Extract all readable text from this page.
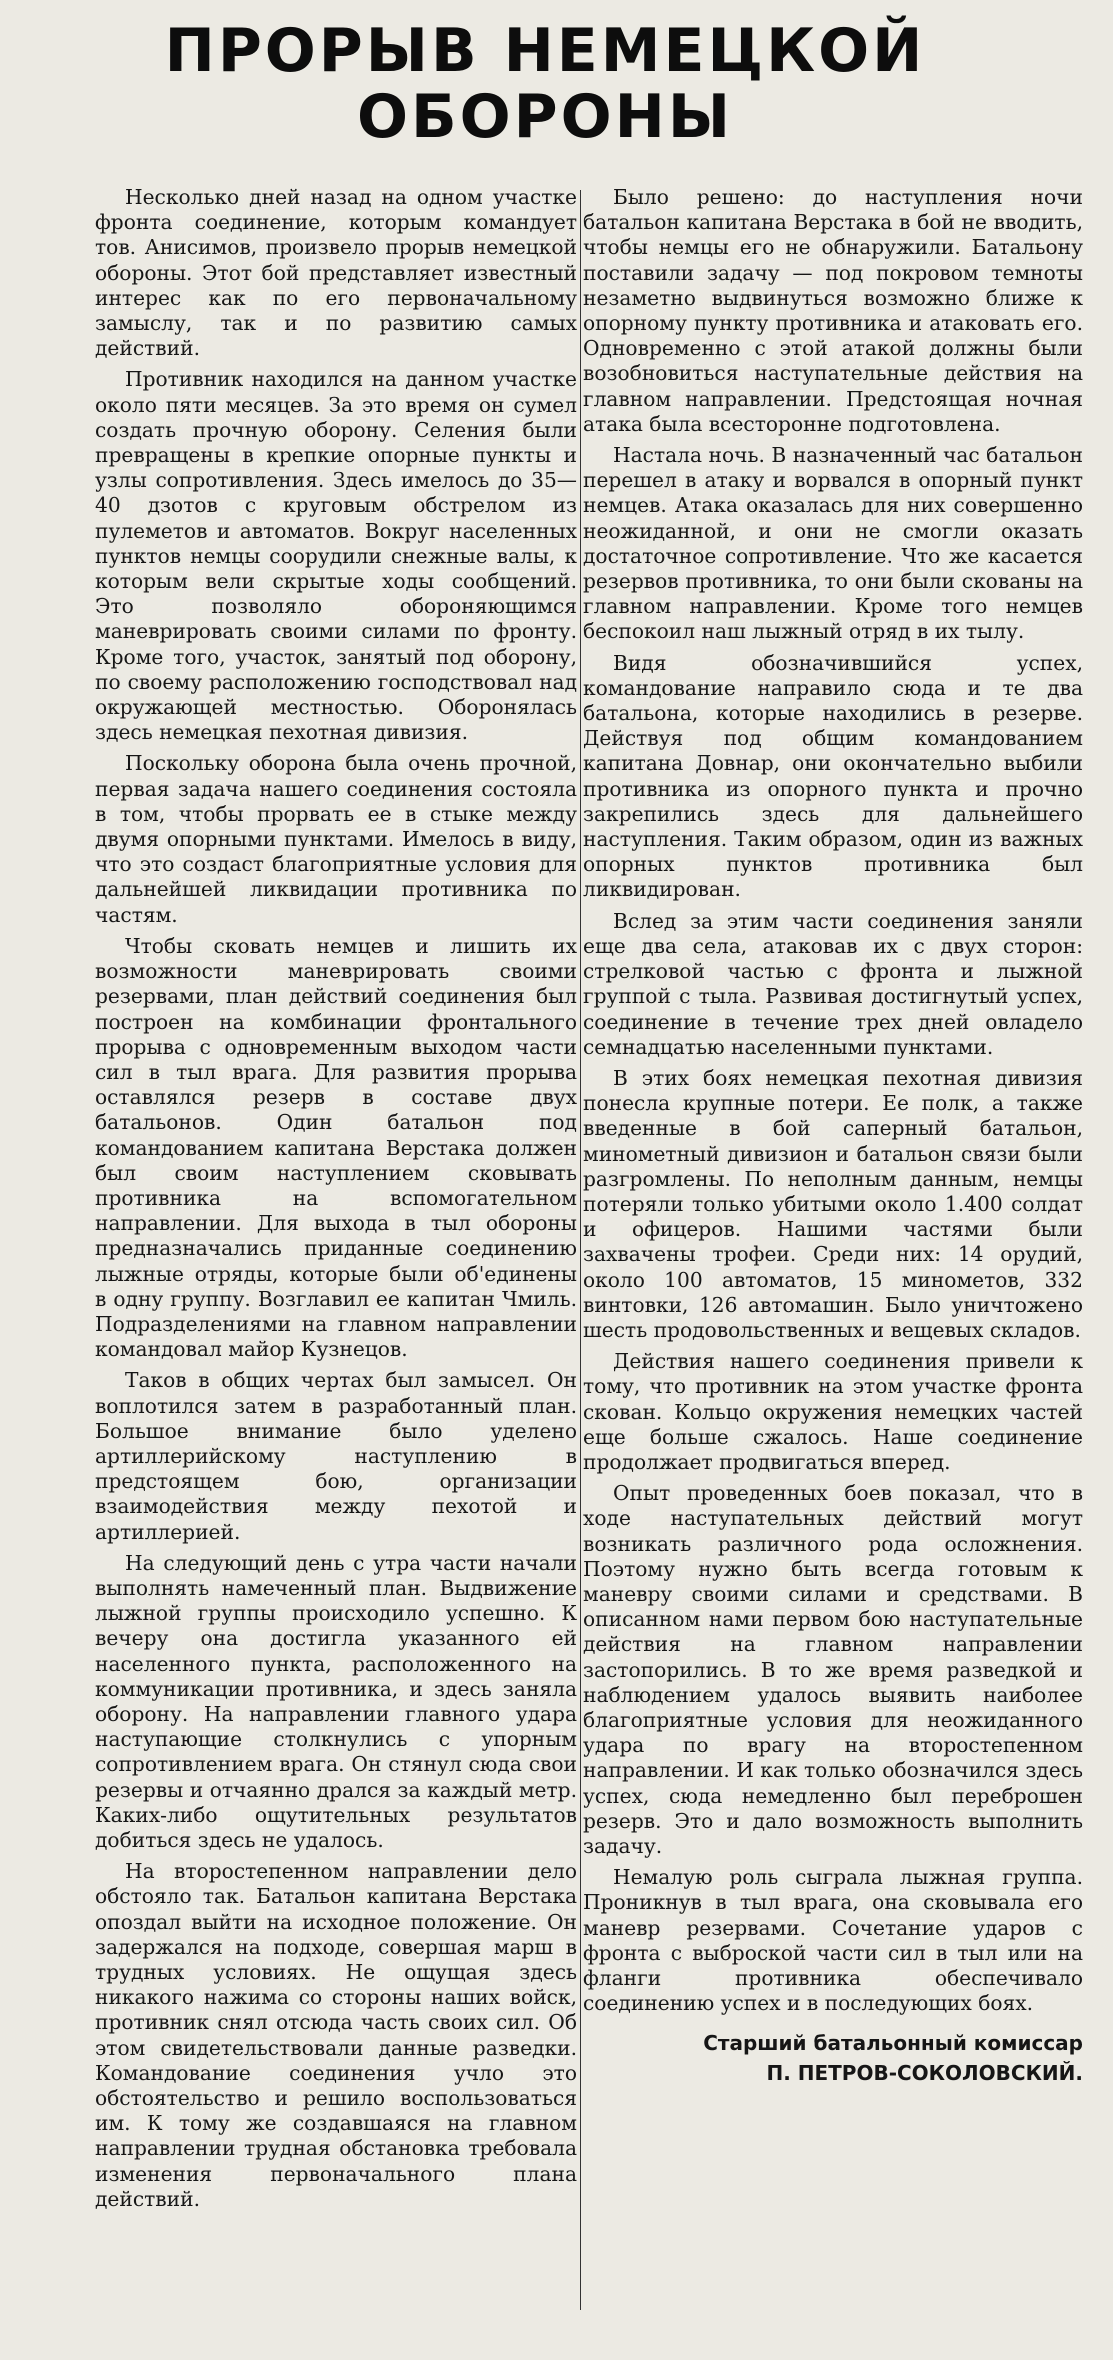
ПРОРЫВ НЕМЕЦКОЙ ОБОРОНЫ

Несколько дней назад на одном участке фронта соединение, которым командует тов. Анисимов, произвело прорыв немецкой обороны. Этот бой представляет известный интерес как по его первоначальному замыслу, так и по развитию самых действий.

Противник находился на данном участке около пяти месяцев. За это время он сумел создать прочную оборону. Селения были превращены в крепкие опорные пункты и узлы сопротивления. Здесь имелось до 35—40 дзотов с круговым обстрелом из пулеметов и автоматов. Вокруг населенных пунктов немцы соорудили снежные валы, к которым вели скрытые ходы сообщений. Это позволяло обороняющимся маневрировать своими силами по фронту. Кроме того, участок, занятый под оборону, по своему расположению господствовал над окружающей местностью. Оборонялась здесь немецкая пехотная дивизия.

Поскольку оборона была очень прочной, первая задача нашего соединения состояла в том, чтобы прорвать ее в стыке между двумя опорными пунктами. Имелось в виду, что это создаст благоприятные условия для дальнейшей ликвидации противника по частям.

Чтобы сковать немцев и лишить их возможности маневрировать своими резервами, план действий соединения был построен на комбинации фронтального прорыва с одновременным выходом части сил в тыл врага. Для развития прорыва оставлялся резерв в составе двух батальонов. Один батальон под командованием капитана Верстака должен был своим наступлением сковывать противника на вспомогательном направлении. Для выхода в тыл обороны предназначались приданные соединению лыжные отряды, которые были об'единены в одну группу. Возглавил ее капитан Чмиль. Подразделениями на главном направлении командовал майор Кузнецов.

Таков в общих чертах был замысел. Он воплотился затем в разработанный план. Большое внимание было уделено артиллерийскому наступлению в предстоящем бою, организации взаимодействия между пехотой и артиллерией.

На следующий день с утра части начали выполнять намеченный план. Выдвижение лыжной группы происходило успешно. К вечеру она достигла указанного ей населенного пункта, расположенного на коммуникации противника, и здесь заняла оборону. На направлении главного удара наступающие столкнулись с упорным сопротивлением врага. Он стянул сюда свои резервы и отчаянно дрался за каждый метр. Каких-либо ощутительных результатов добиться здесь не удалось.

На второстепенном направлении дело обстояло так. Батальон капитана Верстака опоздал выйти на исходное положение. Он задержался на подходе, совершая марш в трудных условиях. Не ощущая здесь никакого нажима со стороны наших войск, противник снял отсюда часть своих сил. Об этом свидетельствовали данные разведки. Командование соединения учло это обстоятельство и решило воспользоваться им. К тому же создавшаяся на главном направлении трудная обстановка требовала изменения первоначального плана действий.

Было решено: до наступления ночи батальон капитана Верстака в бой не вводить, чтобы немцы его не обнаружили. Батальону поставили задачу — под покровом темноты незаметно выдвинуться возможно ближе к опорному пункту противника и атаковать его. Одновременно с этой атакой должны были возобновиться наступательные действия на главном направлении. Предстоящая ночная атака была всесторонне подготовлена.

Настала ночь. В назначенный час батальон перешел в атаку и ворвался в опорный пункт немцев. Атака оказалась для них совершенно неожиданной, и они не смогли оказать достаточное сопротивление. Что же касается резервов противника, то они были скованы на главном направлении. Кроме того немцев беспокоил наш лыжный отряд в их тылу.

Видя обозначившийся успех, командование направило сюда и те два батальона, которые находились в резерве. Действуя под общим командованием капитана Довнар, они окончательно выбили противника из опорного пункта и прочно закрепились здесь для дальнейшего наступления. Таким образом, один из важных опорных пунктов противника был ликвидирован.

Вслед за этим части соединения заняли еще два села, атаковав их с двух сторон: стрелковой частью с фронта и лыжной группой с тыла. Развивая достигнутый успех, соединение в течение трех дней овладело семнадцатью населенными пунктами.

В этих боях немецкая пехотная дивизия понесла крупные потери. Ее полк, а также введенные в бой саперный батальон, минометный дивизион и батальон связи были разгромлены. По неполным данным, немцы потеряли только убитыми около 1.400 солдат и офицеров. Нашими частями были захвачены трофеи. Среди них: 14 орудий, около 100 автоматов, 15 минометов, 332 винтовки, 126 автомашин. Было уничтожено шесть продовольственных и вещевых складов.

Действия нашего соединения привели к тому, что противник на этом участке фронта скован. Кольцо окружения немецких частей еще больше сжалось. Наше соединение продолжает продвигаться вперед.

Опыт проведенных боев показал, что в ходе наступательных действий могут возникать различного рода осложнения. Поэтому нужно быть всегда готовым к маневру своими силами и средствами. В описанном нами первом бою наступательные действия на главном направлении застопорились. В то же время разведкой и наблюдением удалось выявить наиболее благоприятные условия для неожиданного удара по врагу на второстепенном направлении. И как только обозначился здесь успех, сюда немедленно был переброшен резерв. Это и дало возможность выполнить задачу.

Немалую роль сыграла лыжная группа. Проникнув в тыл врага, она сковывала его маневр резервами. Сочетание ударов с фронта с выброской части сил в тыл или на фланги противника обеспечивало соединению успех и в последующих боях.

Старший батальонный комиссар
П. ПЕТРОВ-СОКОЛОВСКИЙ.
